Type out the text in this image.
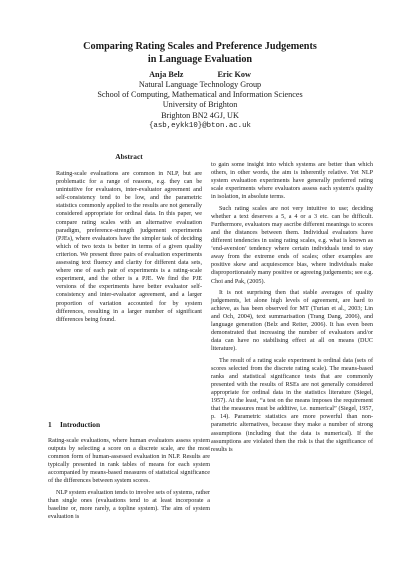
Comparing Rating Scales and Preference Judgements
in Language Evaluation
Anja Belz	Eric Kow
Natural Language Technology Group
School of Computing, Mathematical and Information Sciences
University of Brighton
Brighton BN2 4GJ, UK
{asb,eykk10}@bton.ac.uk
Abstract

Rating-scale evaluations are common in NLP, but are problematic for a range of reasons, e.g. they can be unintuitive for evaluators, inter-evaluator agreement and self-consistency tend to be low, and the parametric statistics commonly applied to the results are not generally considered appropriate for ordinal data. In this paper, we compare rating scales with an alternative evaluation paradigm, preference-strength judgement experiments (PJEs), where evaluators have the simpler task of deciding which of two texts is better in terms of a given quality criterion. We present three pairs of evaluation experiments assessing text fluency and clarity for different data sets, where one of each pair of experiments is a rating-scale experiment, and the other is a PJE. We find the PJE versions of the experiments have better evaluator self-consistency and inter-evaluator agreement, and a larger proportion of variation accounted for by system differences, resulting in a larger number of significant differences being found.

1 Introduction

Rating-scale evaluations, where human evaluators assess system outputs by selecting a score on a discrete scale, are the most common form of human-assessed evaluation in NLP. Results are typically presented in rank tables of means for each system accompanied by means-based measures of statistical significance of the differences between system scores.

NLP system evaluation tends to involve sets of systems, rather than single ones (evaluations tend to at least incorporate a baseline or, more rarely, a topline system). The aim of system evaluation is

to gain some insight into which systems are better than which others, in other words, the aim is inherently relative. Yet NLP system evaluation experiments have generally preferred rating scale experiments where evaluators assess each system's quality in isolation, in absolute terms.

Such rating scales are not very intuitive to use; deciding whether a text deserves a 5, a 4 or a 3 etc. can be difficult. Furthermore, evaluators may ascribe different meanings to scores and the distances between them. Individual evaluators have different tendencies in using rating scales, e.g. what is known as ‘end-aversion’ tendency where certain individuals tend to stay away from the extreme ends of scales; other examples are positive skew and acquiescence bias, where individuals make disproportionately many positive or agreeing judgements; see e.g. Choi and Pak, (2005).

It is not surprising then that stable averages of quality judgements, let alone high levels of agreement, are hard to achieve, as has been observed for MT (Turian et al., 2003; Lin and Och, 2004), text summarisation (Trang Dang, 2006), and language generation (Belz and Reiter, 2006). It has even been demonstrated that increasing the number of evaluators and/or data can have no stabilising effect at all on means (DUC literature).

The result of a rating scale experiment is ordinal data (sets of scores selected from the discrete rating scale). The means-based ranks and statistical significance tests that are commonly presented with the results of RSEs are not generally considered appropriate for ordinal data in the statistics literature (Siegel, 1957). At the least, “a test on the means imposes the requirement that the measures must be additive, i.e. numerical” (Siegel, 1957, p. 14). Parametric statistics are more powerful than non-parametric alternatives, because they make a number of strong assumptions (including that the data is numerical). If the assumptions are violated then the risk is that the significance of results is
